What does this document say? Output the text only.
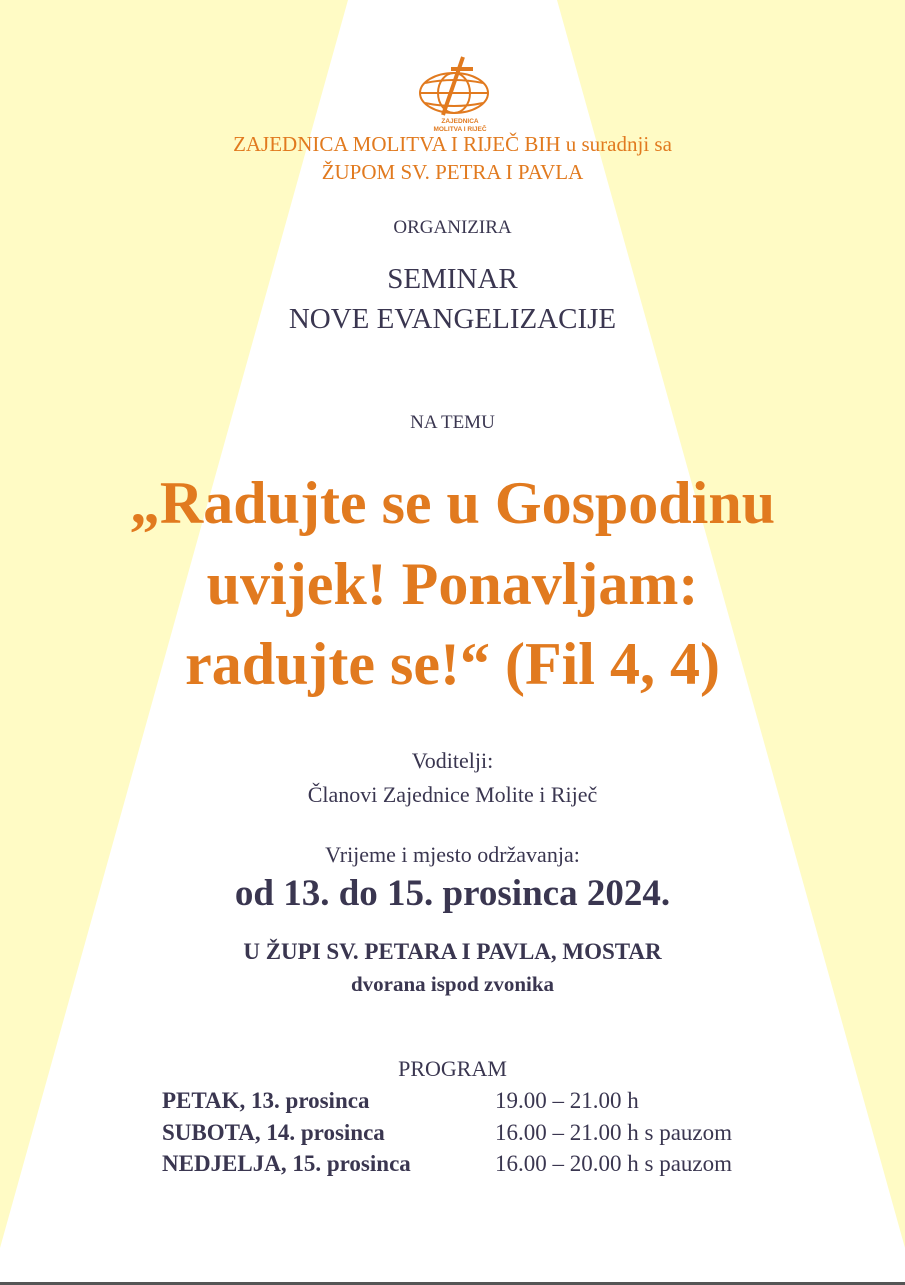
ZAJEDNICA
MOLITVA I RIJEČ
ZAJEDNICA MOLITVA I RIJEČ BIH u suradnji sa
ŽUPOM SV. PETRA I PAVLA
ORGANIZIRA
SEMINAR
NOVE EVANGELIZACIJE
NA TEMU
„Radujte se u Gospodinu
uvijek! Ponavljam:
radujte se!“ (Fil 4, 4)
Voditelji:
Članovi Zajednice Molite i Riječ
Vrijeme i mjesto održavanja:
od 13. do 15. prosinca 2024.
U ŽUPI SV. PETARA I PAVLA, MOSTAR
dvorana ispod zvonika
PROGRAM
PETAK, 13. prosinca	19.00 – 21.00 h
SUBOTA, 14. prosinca	16.00 – 21.00 h s pauzom
NEDJELJA, 15. prosinca	16.00 – 20.00 h s pauzom
